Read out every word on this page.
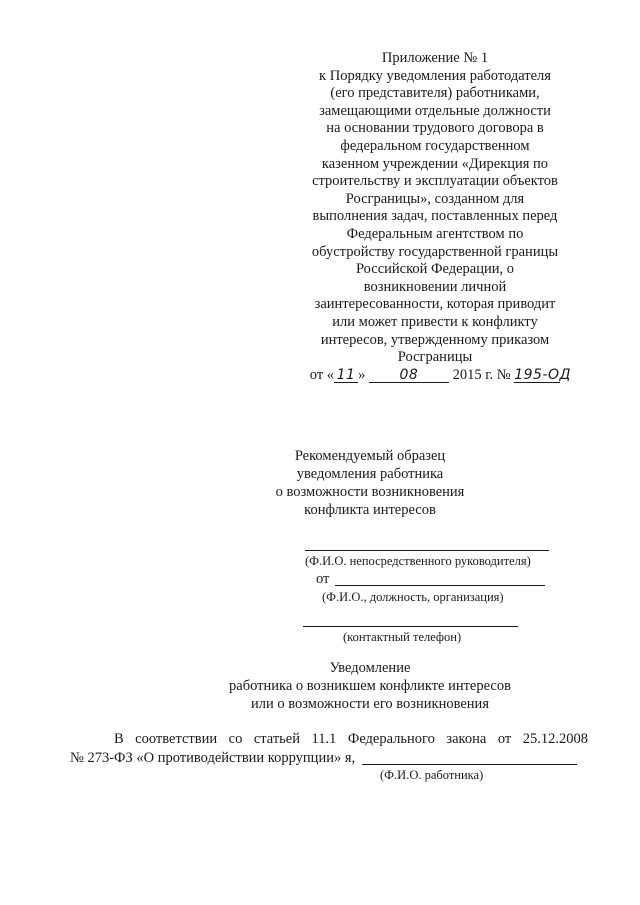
Приложение № 1
к Порядку уведомления работодателя
(его представителя) работниками,
замещающими отдельные должности
на основании трудового договора в
федеральном государственном
казенном учреждении «Дирекция по
строительству и эксплуатации объектов
Росграницы», созданном для
выполнения задач, поставленных перед
Федеральным агентством по
обустройству государственной границы
Российской Федерации, о
возникновении личной
заинтересованности, которая приводит
или может привести к конфликту
интересов, утвержденному приказом
Росграницы
от « 11 » 08 2015 г. № 195-ОД
Рекомендуемый образец
уведомления работника
о возможности возникновения
конфликта интересов
(Ф.И.О. непосредственного руководителя)
от
(Ф.И.О., должность, организация)
(контактный телефон)
Уведомление
работника о возникшем конфликте интересов
или о возможности его возникновения
В соответствии со статьей 11.1 Федерального закона от 25.12.2008
№ 273-ФЗ «О противодействии коррупции» я,
(Ф.И.О. работника)
